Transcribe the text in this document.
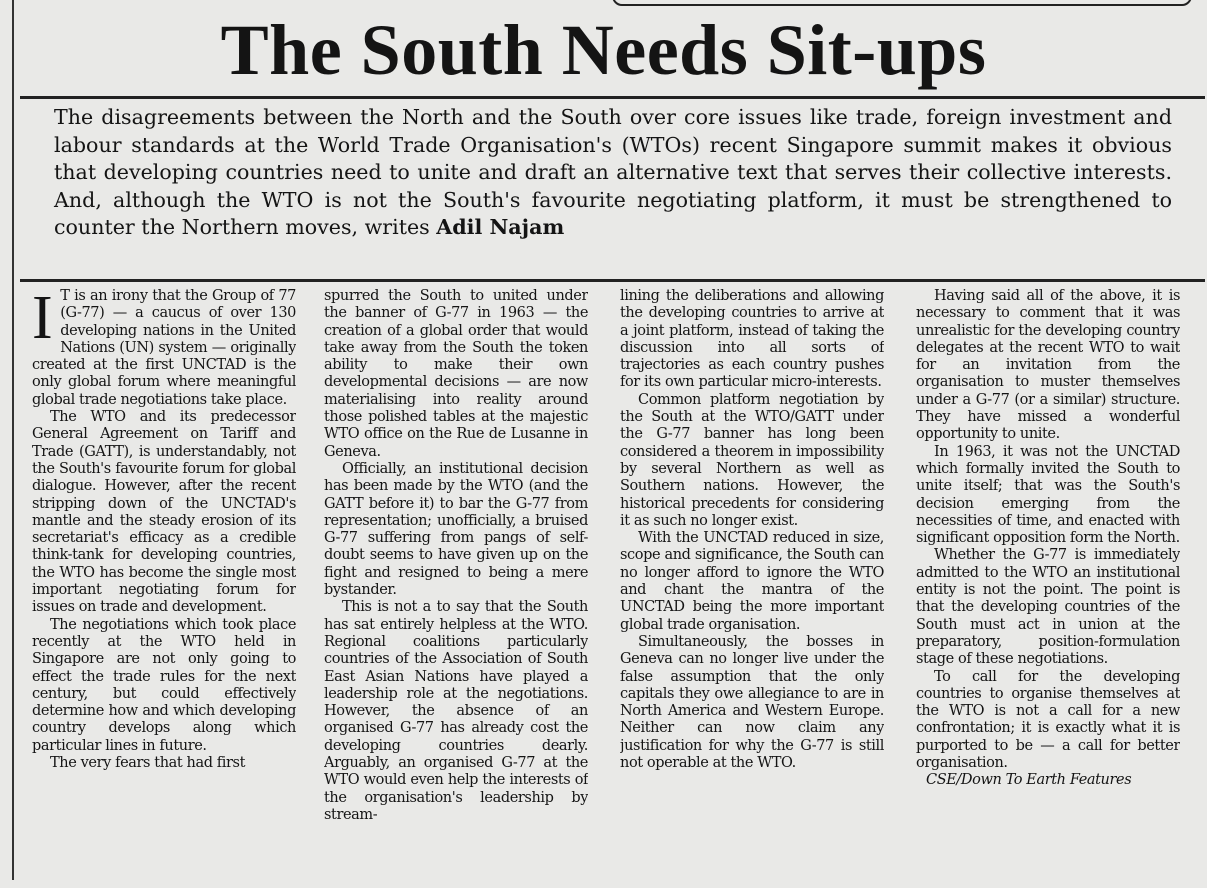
The South Needs Sit-ups
The disagreements between the North and the South over core issues like trade, foreign investment and labour standards at the World Trade Organisation's (WTOs) recent Singapore summit makes it obvious that developing countries need to unite and draft an alternative text that serves their collective interests. And, although the WTO is not the South's favourite negotiating platform, it must be strengthened to counter the Northern moves, writes Adil Najam

I T is an irony that the Group of 77 (G-77) — a caucus of over 130 developing nations in the United Nations (UN) system — originally created at the first UNCTAD is the only global forum where meaningful global trade negotiations take place.

The WTO and its predecessor General Agreement on Tariff and Trade (GATT), is understandably, not the South's favourite forum for global dialogue. However, after the recent stripping down of the UNCTAD's mantle and the steady erosion of its secretariat's efficacy as a credible think-tank for developing countries, the WTO has become the single most important negotiating forum for issues on trade and development.

The negotiations which took place recently at the WTO held in Singapore are not only going to effect the trade rules for the next century, but could effectively determine how and which developing country develops along which particular lines in future.

The very fears that had first

spurred the South to united under the banner of G-77 in 1963 — the creation of a global order that would take away from the South the token ability to make their own developmental decisions — are now materialising into reality around those polished tables at the majestic WTO office on the Rue de Lusanne in Geneva.

Officially, an institutional decision has been made by the WTO (and the GATT before it) to bar the G-77 from representation; unofficially, a bruised G-77 suffering from pangs of self-doubt seems to have given up on the fight and resigned to being a mere bystander.

This is not a to say that the South has sat entirely helpless at the WTO. Regional coalitions particularly countries of the Association of South East Asian Nations have played a leadership role at the negotiations. However, the absence of an organised G-77 has already cost the developing countries dearly. Arguably, an organised G-77 at the WTO would even help the interests of the organisation's leadership by stream-

lining the deliberations and allowing the developing countries to arrive at a joint platform, instead of taking the discussion into all sorts of trajectories as each country pushes for its own particular micro-interests.

Common platform negotiation by the South at the WTO/GATT under the G-77 banner has long been considered a theorem in impossibility by several Northern as well as Southern nations. However, the historical precedents for considering it as such no longer exist.

With the UNCTAD reduced in size, scope and significance, the South can no longer afford to ignore the WTO and chant the mantra of the UNCTAD being the more important global trade organisation.

Simultaneously, the bosses in Geneva can no longer live under the false assumption that the only capitals they owe allegiance to are in North America and Western Europe. Neither can now claim any justification for why the G-77 is still not operable at the WTO.

Having said all of the above, it is necessary to comment that it was unrealistic for the developing country delegates at the recent WTO to wait for an invitation from the organisation to muster themselves under a G-77 (or a similar) structure. They have missed a wonderful opportunity to unite.

In 1963, it was not the UNCTAD which formally invited the South to unite itself; that was the South's decision emerging from the necessities of time, and enacted with significant opposition form the North.

Whether the G-77 is immediately admitted to the WTO an institutional entity is not the point. The point is that the developing countries of the South must act in union at the preparatory, position-formulation stage of these negotiations.

To call for the developing countries to organise themselves at the WTO is not a call for a new confrontation; it is exactly what it is purported to be — a call for better organisation.

CSE/Down To Earth Features
